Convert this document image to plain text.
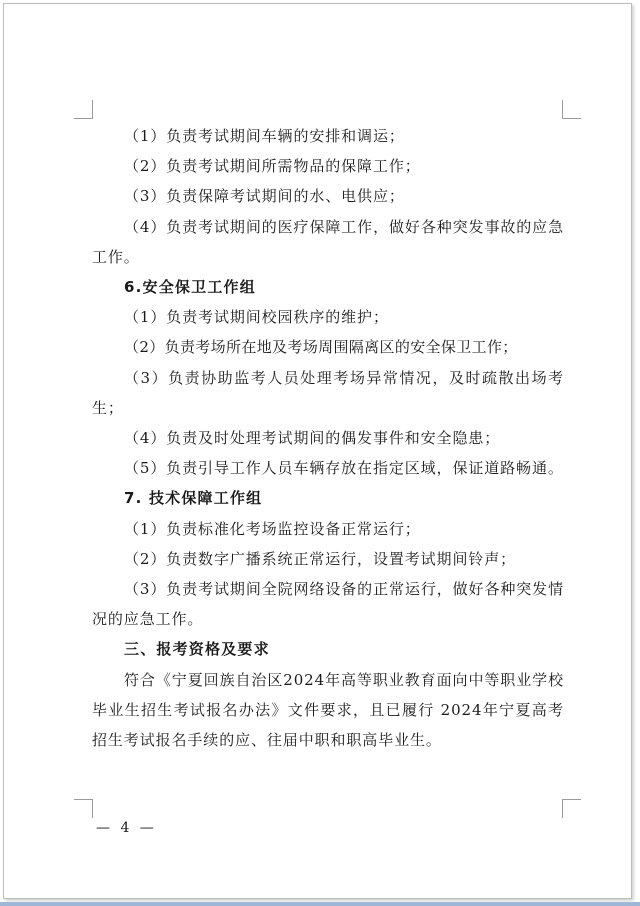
（1）负责考试期间车辆的安排和调运；

（2）负责考试期间所需物品的保障工作；

（3）负责保障考试期间的水、电供应；

（4）负责考试期间的医疗保障工作，做好各种突发事故的应急工作。

6.安全保卫工作组

（1）负责考试期间校园秩序的维护；

（2）负责考场所在地及考场周围隔离区的安全保卫工作；

（3）负责协助监考人员处理考场异常情况，及时疏散出场考生；

（4）负责及时处理考试期间的偶发事件和安全隐患；

（5）负责引导工作人员车辆存放在指定区域，保证道路畅通。

7. 技术保障工作组

（1）负责标准化考场监控设备正常运行；

（2）负责数字广播系统正常运行，设置考试期间铃声；

（3）负责考试期间全院网络设备的正常运行，做好各种突发情况的应急工作。

三、报考资格及要求

符合《宁夏回族自治区2024年高等职业教育面向中等职业学校毕业生招生考试报名办法》文件要求，且已履行 2024年宁夏高考招生考试报名手续的应、往届中职和职高毕业生。

— 4 —
